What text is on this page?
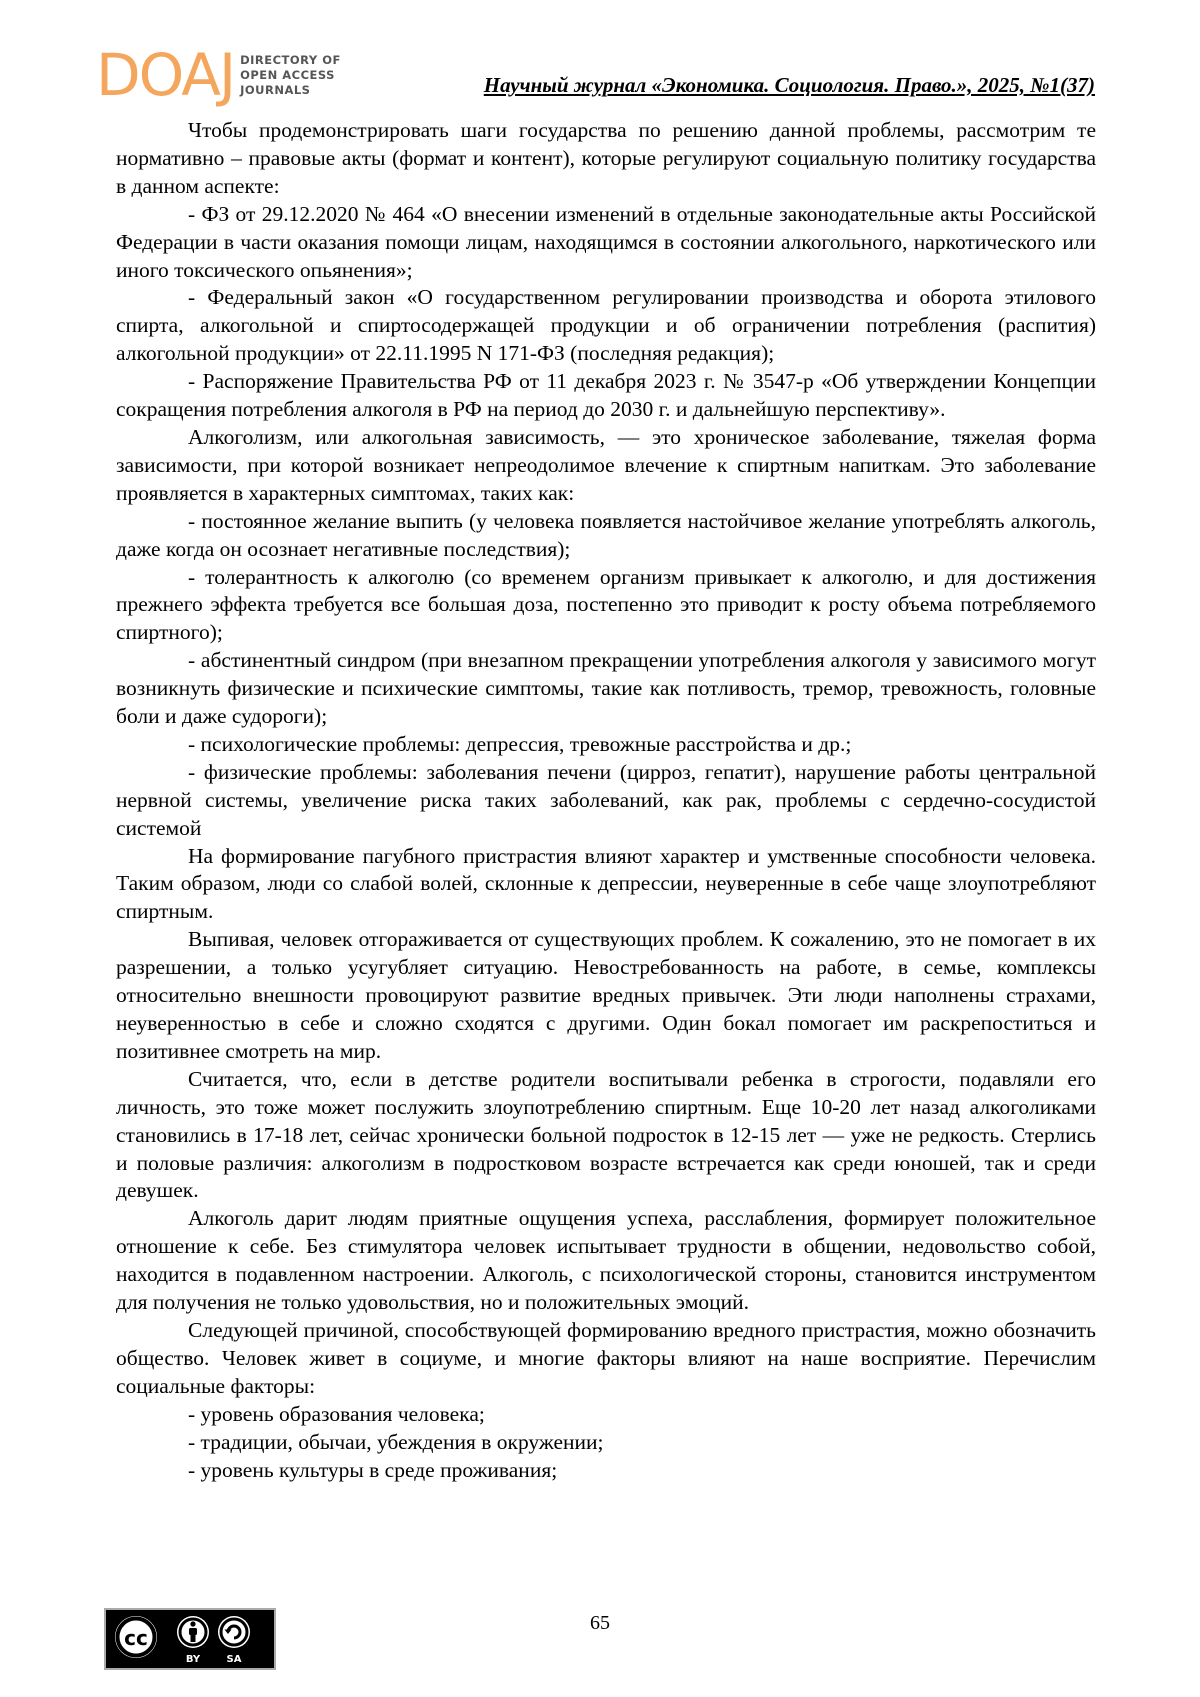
DOAJ DIRECTORY OF
OPEN ACCESS
JOURNALS	Научный журнал «Экономика. Социология. Право.», 2025, №1(37)

Чтобы продемонстрировать шаги государства по решению данной проблемы, рассмотрим те нормативно – правовые акты (формат и контент), которые регулируют социальную политику государства в данном аспекте:

- ФЗ от 29.12.2020 № 464 «О внесении изменений в отдельные законодательные акты Российской Федерации в части оказания помощи лицам, находящимся в состоянии алкогольного, наркотического или иного токсического опьянения»;

- Федеральный закон «О государственном регулировании производства и оборота этилового спирта, алкогольной и спиртосодержащей продукции и об ограничении потребления (распития) алкогольной продукции» от 22.11.1995 N 171-ФЗ (последняя редакция);

- Распоряжение Правительства РФ от 11 декабря 2023 г. № 3547-р «Об утверждении Концепции сокращения потребления алкоголя в РФ на период до 2030 г. и дальнейшую перспективу».

Алкоголизм, или алкогольная зависимость, — это хроническое заболевание, тяжелая форма зависимости, при которой возникает непреодолимое влечение к спиртным напиткам. Это заболевание проявляется в характерных симптомах, таких как:

- постоянное желание выпить (у человека появляется настойчивое желание употреблять алкоголь, даже когда он осознает негативные последствия);

- толерантность к алкоголю (со временем организм привыкает к алкоголю, и для достижения прежнего эффекта требуется все большая доза, постепенно это приводит к росту объема потребляемого спиртного);

- абстинентный синдром (при внезапном прекращении употребления алкоголя у зависимого могут возникнуть физические и психические симптомы, такие как потливость, тремор, тревожность, головные боли и даже судороги);

- психологические проблемы: депрессия, тревожные расстройства и др.;

- физические проблемы: заболевания печени (цирроз, гепатит), нарушение работы центральной нервной системы, увеличение риска таких заболеваний, как рак, проблемы с сердечно-сосудистой системой

На формирование пагубного пристрастия влияют характер и умственные способности человека. Таким образом, люди со слабой волей, склонные к депрессии, неуверенные в себе чаще злоупотребляют спиртным.

Выпивая, человек отгораживается от существующих проблем. К сожалению, это не помогает в их разрешении, а только усугубляет ситуацию. Невостребованность на работе, в семье, комплексы относительно внешности провоцируют развитие вредных привычек. Эти люди наполнены страхами, неуверенностью в себе и сложно сходятся с другими. Один бокал помогает им раскрепоститься и позитивнее смотреть на мир.

Считается, что, если в детстве родители воспитывали ребенка в строгости, подавляли его личность, это тоже может послужить злоупотреблению спиртным. Еще 10-20 лет назад алкоголиками становились в 17-18 лет, сейчас хронически больной подросток в 12-15 лет — уже не редкость. Стерлись и половые различия: алкоголизм в подростковом возрасте встречается как среди юношей, так и среди девушек.

Алкоголь дарит людям приятные ощущения успеха, расслабления, формирует положительное отношение к себе. Без стимулятора человек испытывает трудности в общении, недовольство собой, находится в подавленном настроении. Алкоголь, с психологической стороны, становится инструментом для получения не только удовольствия, но и положительных эмоций.

Следующей причиной, способствующей формированию вредного пристрастия, можно обозначить общество. Человек живет в социуме, и многие факторы влияют на наше восприятие. Перечислим социальные факторы:

- уровень образования человека;

- традиции, обычаи, убеждения в окружении;

- уровень культуры в среде проживания;

cc
BY	SA
65
